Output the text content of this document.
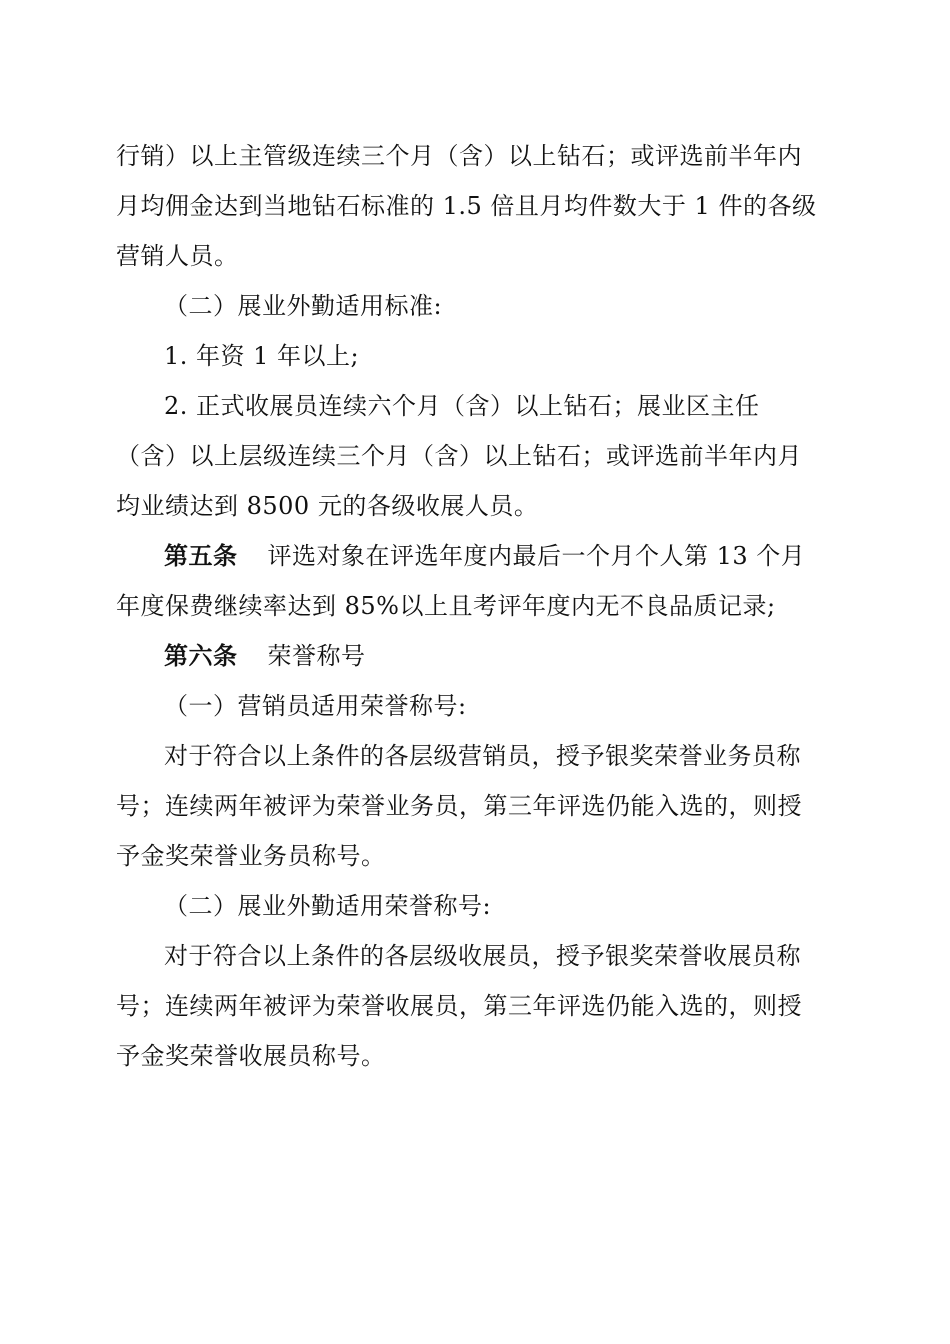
行销）以上主管级连续三个月（含）以上钻石；或评选前半年内
月均佣金达到当地钻石标准的 1.5 倍且月均件数大于 1 件的各级
营销人员。
（二）展业外勤适用标准:
1. 年资 1 年以上;
2. 正式收展员连续六个月（含）以上钻石；展业区主任
（含）以上层级连续三个月（含）以上钻石；或评选前半年内月
均业绩达到 8500 元的各级收展人员。
第五条 评选对象在评选年度内最后一个月个人第 13 个月
年度保费继续率达到 85%以上且考评年度内无不良品质记录;
第六条 荣誉称号
（一）营销员适用荣誉称号:
对于符合以上条件的各层级营销员，授予银奖荣誉业务员称
号；连续两年被评为荣誉业务员，第三年评选仍能入选的，则授
予金奖荣誉业务员称号。
（二）展业外勤适用荣誉称号:
对于符合以上条件的各层级收展员，授予银奖荣誉收展员称
号；连续两年被评为荣誉收展员，第三年评选仍能入选的，则授
予金奖荣誉收展员称号。
